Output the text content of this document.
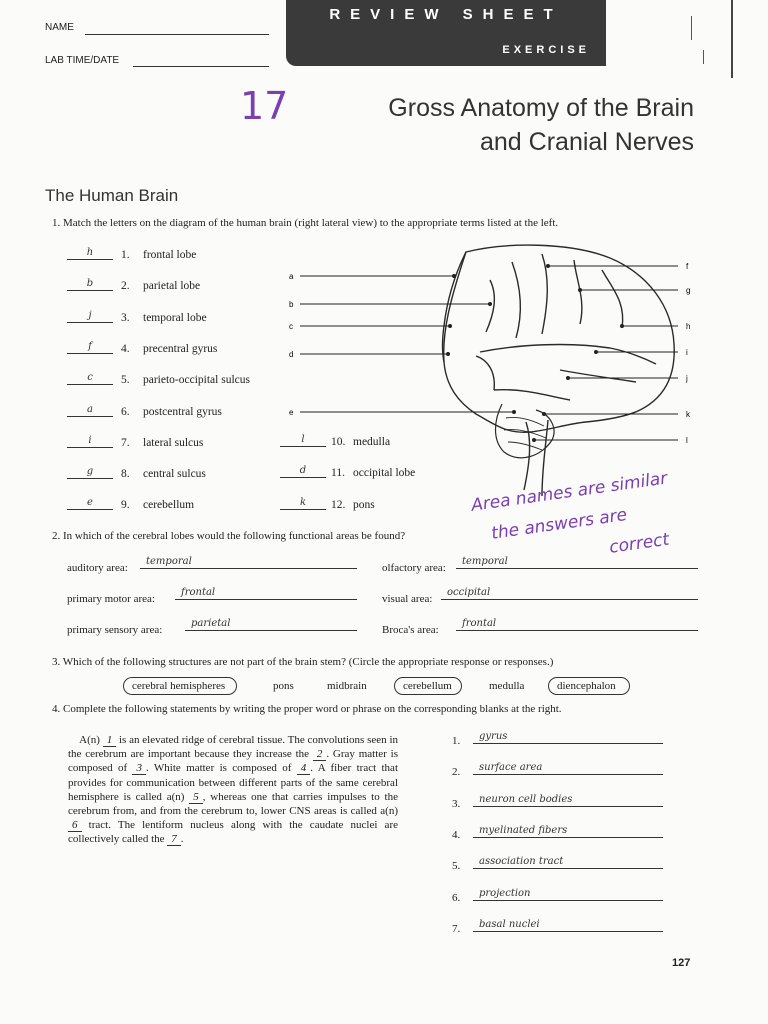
NAME
LAB TIME/DATE
REVIEW SHEET
EXERCISE
17	Gross Anatomy of the Brain
and Cranial Nerves
The Human Brain
1. Match the letters on the diagram of the human brain (right lateral view) to the appropriate terms listed at the left.
h	1. frontal lobe
b	2. parietal lobe
j	3. temporal lobe
f	4. precentral gyrus
c	5. parieto-occipital sulcus
a	6. postcentral gyrus
i	7. lateral sulcus
g	8. central sulcus
e	9. cerebellum
l	10. medulla
d	11. occipital lobe
k	12. pons
a
b
c
d
e
f
g
h
i
j
k
l
Area names are similar
the answers are
correct
2. In which of the cerebral lobes would the following functional areas be found?
auditory area:
temporal
olfactory area:
temporal
primary motor area:
frontal
visual area:
occipital
primary sensory area:
parietal
Broca's area:
frontal
3. Which of the following structures are not part of the brain stem? (Circle the appropriate response or responses.)
cerebral hemispheres	pons	midbrain	cerebellum	medulla	diencephalon
4. Complete the following statements by writing the proper word or phrase on the corresponding blanks at the right.
A(n) 1 is an elevated ridge of cerebral tissue. The convolutions seen in the cerebrum are important because they increase the 2 . Gray matter is composed of 3 . White matter is composed of 4 . A fiber tract that provides for communication between different parts of the same cerebral hemisphere is called a(n) 5 , whereas one that carries impulses to the cerebrum from, and from the cerebrum to, lower CNS areas is called a(n) 6 tract. The lentiform nucleus along with the caudate nuclei are collectively called the 7 .
1.	gyrus
2.	surface area
3.	neuron cell bodies
4.	myelinated fibers
5.	association tract
6.	projection
7.	basal nuclei
127
